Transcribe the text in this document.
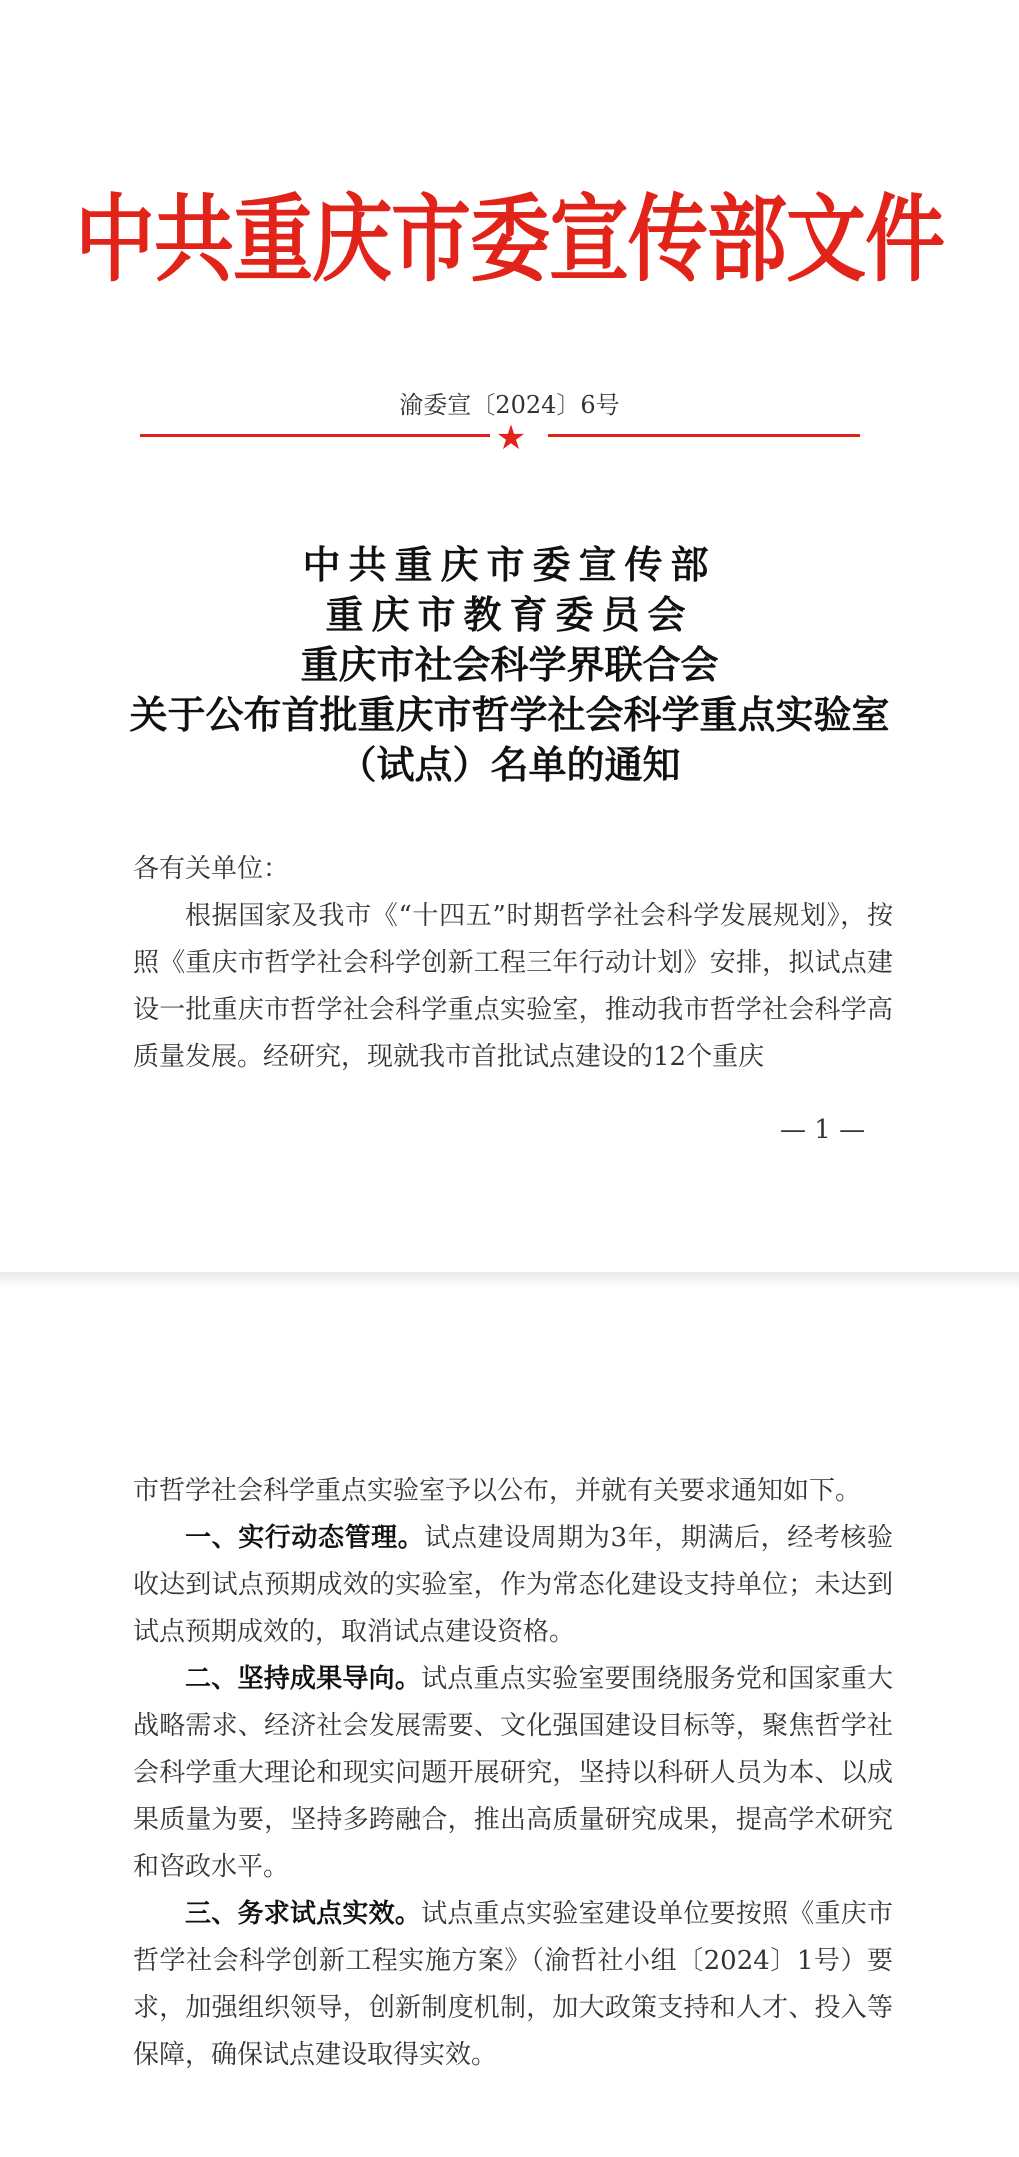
中共重庆市委宣传部文件
渝委宣〔2024〕6号
★
中共重庆市委宣传部
重庆市教育委员会
重庆市社会科学界联合会
关于公布首批重庆市哲学社会科学重点实验室
（试点）名单的通知

各有关单位：

根据国家及我市《“十四五”时期哲学社会科学发展规划》，按照《重庆市哲学社会科学创新工程三年行动计划》安排，拟试点建设一批重庆市哲学社会科学重点实验室，推动我市哲学社会科学高质量发展。经研究，现就我市首批试点建设的12个重庆

— 1 —

市哲学社会科学重点实验室予以公布，并就有关要求通知如下。

一、实行动态管理。试点建设周期为3年，期满后，经考核验收达到试点预期成效的实验室，作为常态化建设支持单位；未达到试点预期成效的，取消试点建设资格。

二、坚持成果导向。试点重点实验室要围绕服务党和国家重大战略需求、经济社会发展需要、文化强国建设目标等，聚焦哲学社会科学重大理论和现实问题开展研究，坚持以科研人员为本、以成果质量为要，坚持多跨融合，推出高质量研究成果，提高学术研究和咨政水平。

三、务求试点实效。试点重点实验室建设单位要按照《重庆市哲学社会科学创新工程实施方案》（渝哲社小组〔2024〕1号）要求，加强组织领导，创新制度机制，加大政策支持和人才、投入等保障，确保试点建设取得实效。
